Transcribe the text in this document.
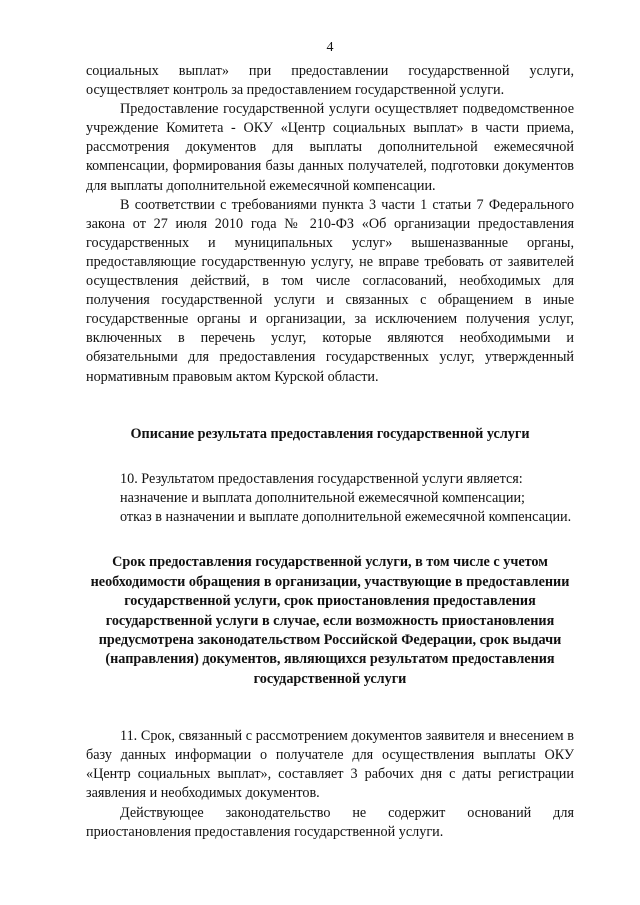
4

социальных выплат» при предоставлении государственной услуги, осуществляет контроль за предоставлением государственной услуги.

Предоставление государственной услуги осуществляет подведомственное учреждение Комитета - ОКУ «Центр социальных выплат» в части приема, рассмотрения документов для выплаты дополнительной ежемесячной компенсации, формирования базы данных получателей, подготовки документов для выплаты дополнительной ежемесячной компенсации.

В соответствии с требованиями пункта 3 части 1 статьи 7 Федерального закона от 27 июля 2010 года № 210-ФЗ «Об организации предоставления государственных и муниципальных услуг» вышеназванные органы, предоставляющие государственную услугу, не вправе требовать от заявителей осуществления действий, в том числе согласований, необходимых для получения государственной услуги и связанных с обращением в иные государственные органы и организации, за исключением получения услуг, включенных в перечень услуг, которые являются необходимыми и обязательными для предоставления государственных услуг, утвержденный нормативным правовым актом Курской области.

Описание результата предоставления государственной услуги

10. Результатом предоставления государственной услуги является:

назначение и выплата дополнительной ежемесячной компенсации;

отказ в назначении и выплате дополнительной ежемесячной компенсации.

Срок предоставления государственной услуги, в том числе с учетом необходимости обращения в организации, участвующие в предоставлении государственной услуги, срок приостановления предоставления государственной услуги в случае, если возможность приостановления предусмотрена законодательством Российской Федерации, срок выдачи (направления) документов, являющихся результатом предоставления государственной услуги

11. Срок, связанный с рассмотрением документов заявителя и внесением в базу данных информации о получателе для осуществления выплаты ОКУ «Центр социальных выплат», составляет 3 рабочих дня с даты регистрации заявления и необходимых документов.

Действующее законодательство не содержит оснований для приостановления предоставления государственной услуги.
